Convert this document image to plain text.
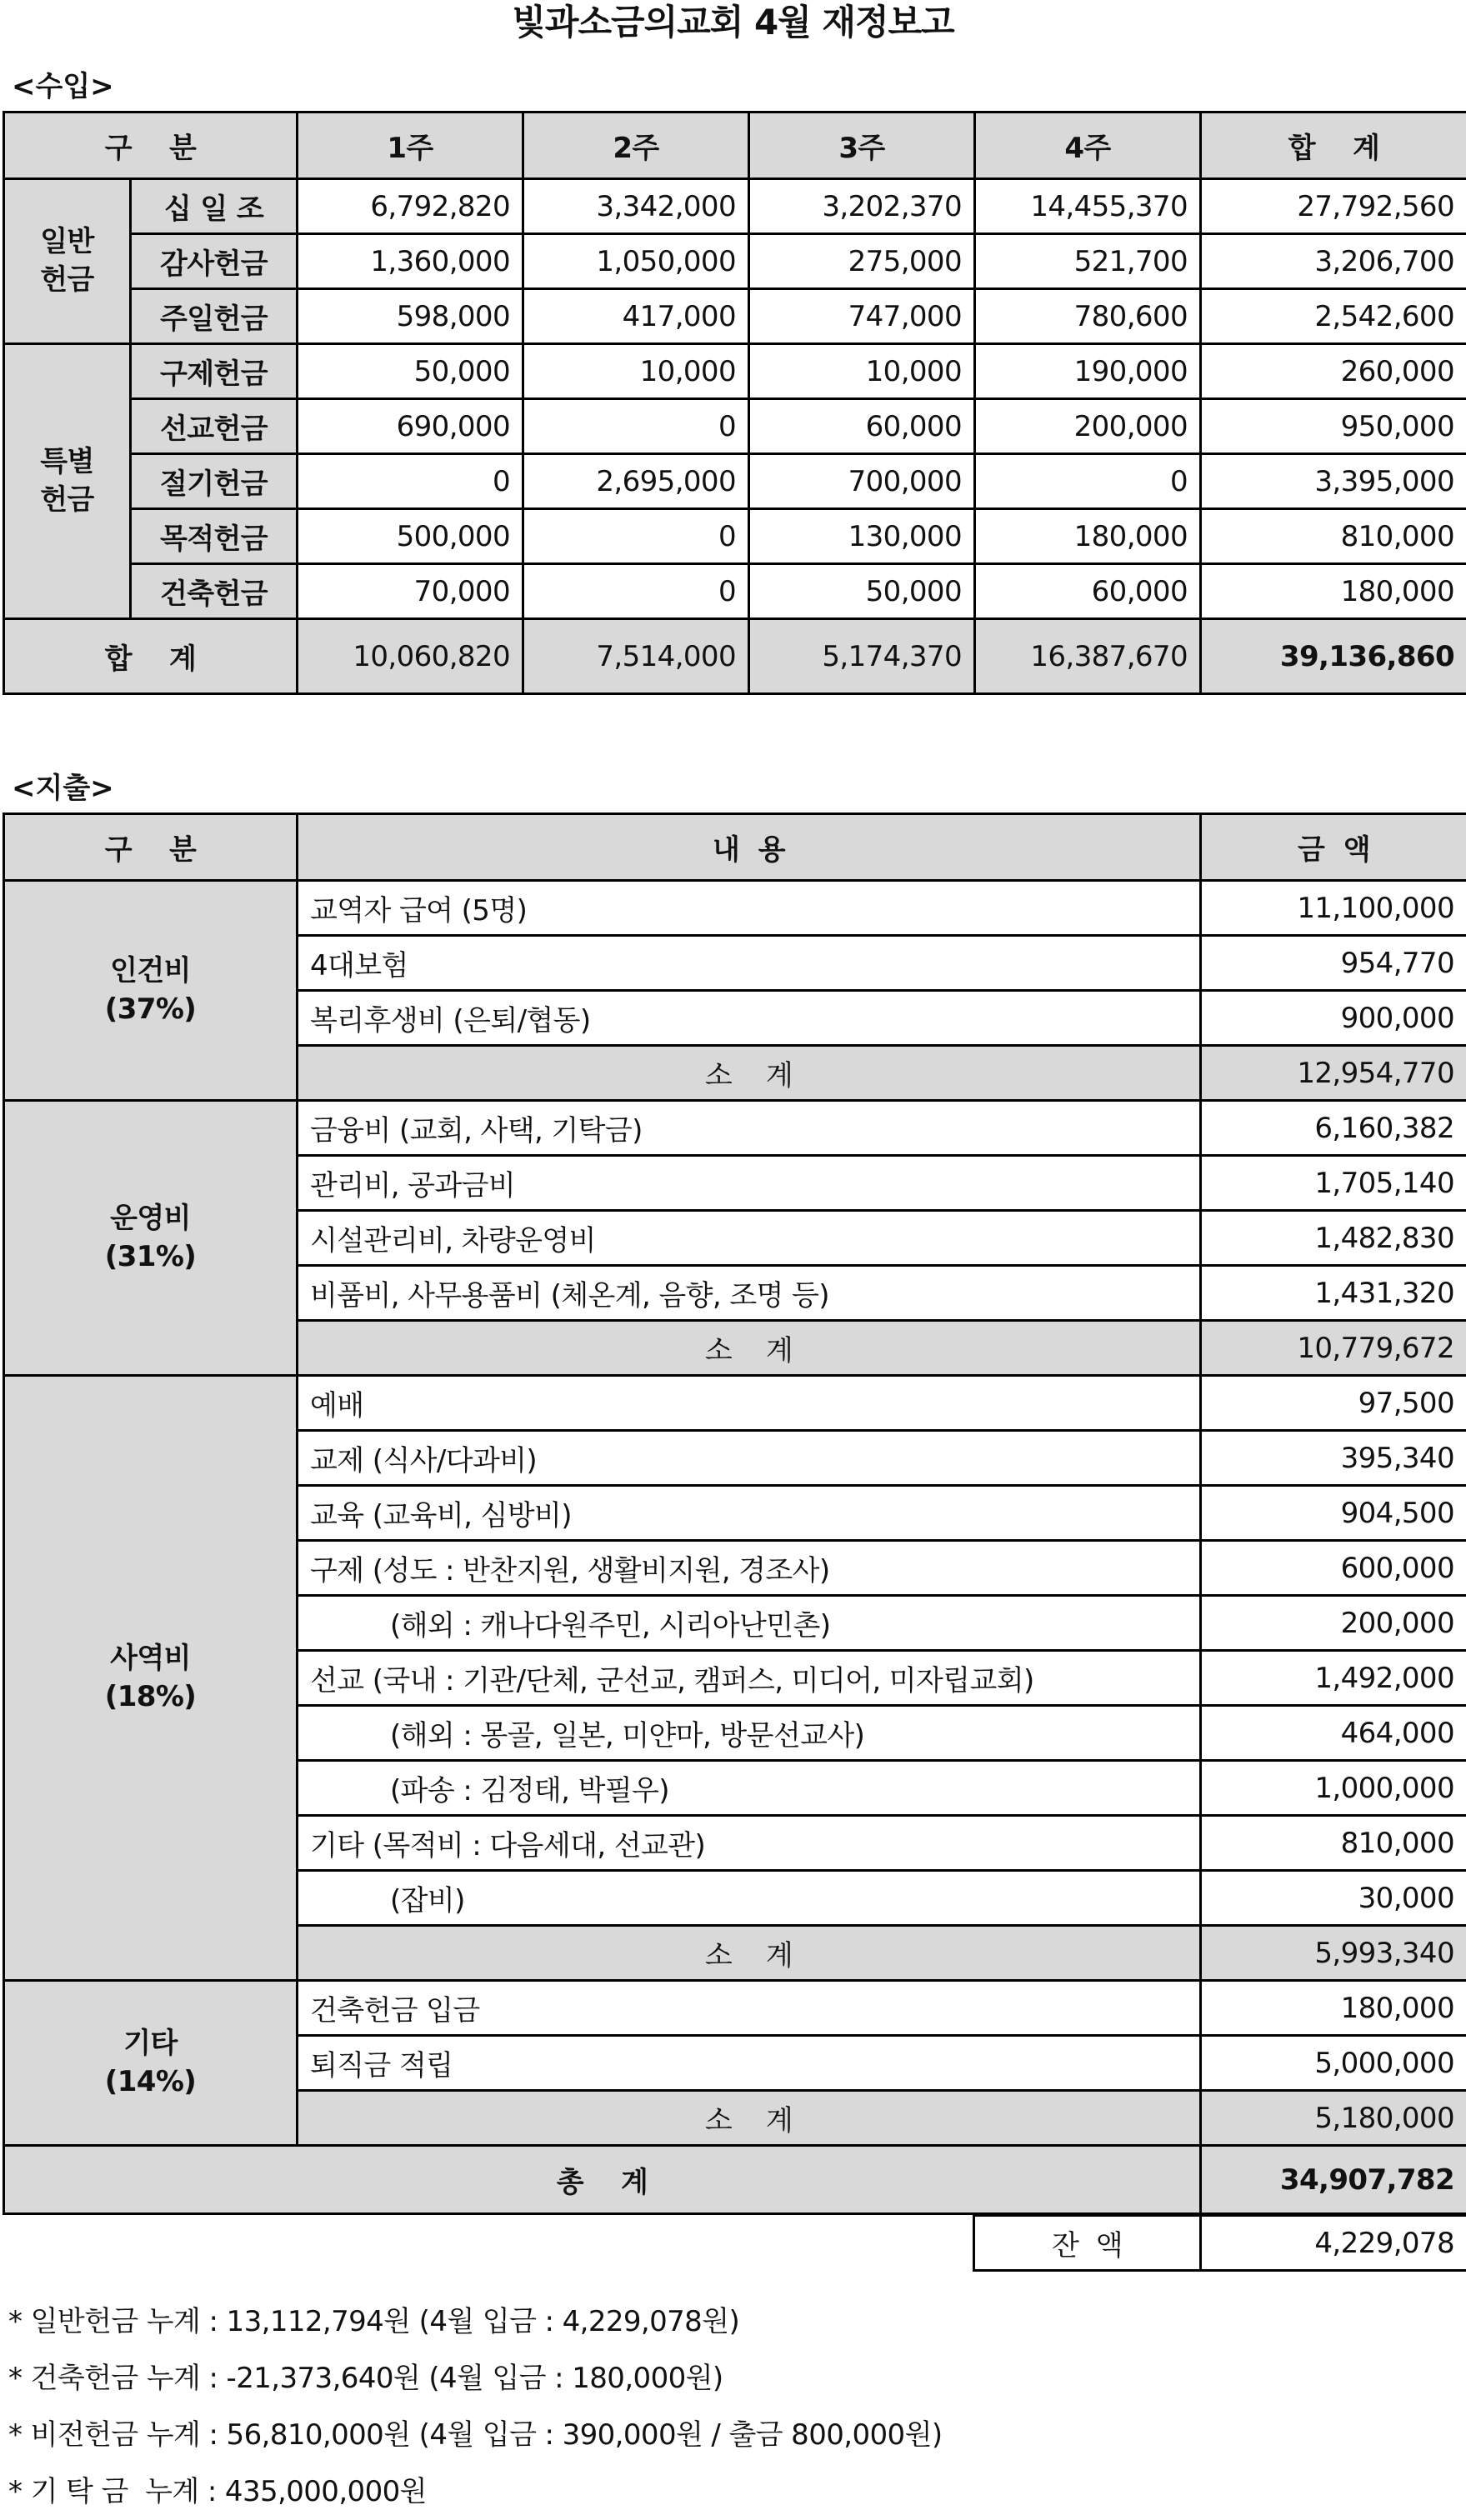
빛과소금의교회 4월 재정보고
<수입>
구    분		1주	2주	3주	4주	합    계

일반
헌금	십 일 조	6,792,820	3,342,000	3,202,370	14,455,370	27,792,560
	감사헌금	1,360,000	1,050,000	275,000	521,700	3,206,700
	주일헌금	598,000	417,000	747,000	780,600	2,542,600

특별
헌금	구제헌금	50,000	10,000	10,000	190,000	260,000
	선교헌금	690,000	0	60,000	200,000	950,000
	절기헌금	0	2,695,000	700,000	0	3,395,000
	목적헌금	500,000	0	130,000	180,000	810,000
	건축헌금	70,000	0	50,000	60,000	180,000
합    계		10,060,820	7,514,000	5,174,370	16,387,670	39,136,860
<지출>
구    분	내  용	금  액

인건비
(37%)	교역자 급여 (5명)	11,100,000
	4대보험	954,770
	복리후생비 (은퇴/협동)	900,000
	소    계	12,954,770

운영비
(31%)	금융비 (교회, 사택, 기탁금)	6,160,382
	관리비, 공과금비	1,705,140
	시설관리비, 차량운영비	1,482,830
	비품비, 사무용품비 (체온계, 음향, 조명 등)	1,431,320
	소    계	10,779,672

사역비
(18%)	예배	97,500
	교제 (식사/다과비)	395,340
	교육 (교육비, 심방비)	904,500
	구제 (성도 : 반찬지원, 생활비지원, 경조사)	600,000
	(해외 : 캐나다원주민, 시리아난민촌)	200,000
	선교 (국내 : 기관/단체, 군선교, 캠퍼스, 미디어, 미자립교회)	1,492,000
	(해외 : 몽골, 일본, 미얀마, 방문선교사)	464,000
	(파송 : 김정태, 박필우)	1,000,000
	기타 (목적비 : 다음세대, 선교관)	810,000
	(잡비)	30,000
	소    계	5,993,340

기타
(14%)	건축헌금 입금	180,000
	퇴직금 적립	5,000,000
	소    계	5,180,000
총    계		34,907,782
잔  액	4,229,078
* 일반헌금 누계 : 13,112,794원 (4월 입금 : 4,229,078원)
* 건축헌금 누계 : -21,373,640원 (4월 입금 : 180,000원)
* 비전헌금 누계 : 56,810,000원 (4월 입금 : 390,000원 / 출금 800,000원)
* 기 탁 금  누계 : 435,000,000원
